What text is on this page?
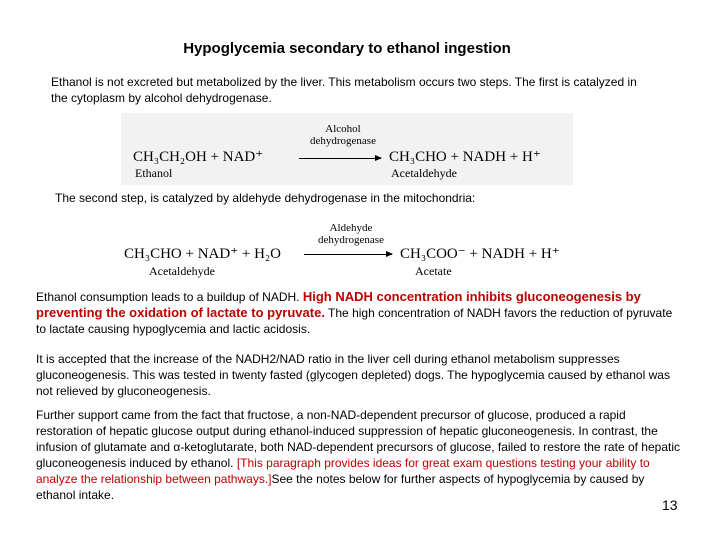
Hypoglycemia secondary to ethanol ingestion
Ethanol is not excreted but metabolized by the liver. This metabolism occurs two steps. The first is catalyzed in the cytoplasm by alcohol dehydrogenase.
Alcohol
dehydrogenase
CH₃CH₂OH + NAD⁺	CH₃CHO + NADH + H⁺
Ethanol	Acetaldehyde
The second step, is catalyzed by aldehyde dehydrogenase in the mitochondria:
Aldehyde
dehydrogenase
CH₃CHO + NAD⁺ + H₂O	CH₃COO⁻ + NADH + H⁺
Acetaldehyde	Acetate
Ethanol consumption leads to a buildup of NADH. High NADH concentration inhibits gluconeogenesis by preventing the oxidation of lactate to pyruvate. The high concentration of NADH favors the reduction of pyruvate to lactate causing hypoglycemia and lactic acidosis.
It is accepted that the increase of the NADH2/NAD ratio in the liver cell during ethanol metabolism suppresses gluconeogenesis. This was tested in twenty fasted (glycogen depleted) dogs. The hypoglycemia caused by ethanol was not relieved by gluconeogenesis.
Further support came from the fact that fructose, a non-NAD-dependent precursor of glucose, produced a rapid restoration of hepatic glucose output during ethanol-induced suppression of hepatic gluconeogenesis. In contrast, the infusion of glutamate and α-ketoglutarate, both NAD-dependent precursors of glucose, failed to restore the rate of hepatic gluconeogenesis induced by ethanol. [This paragraph provides ideas for great exam questions testing your ability to analyze the relationship between pathways.]See the notes below for further aspects of hypoglycemia by caused by ethanol intake.
13
